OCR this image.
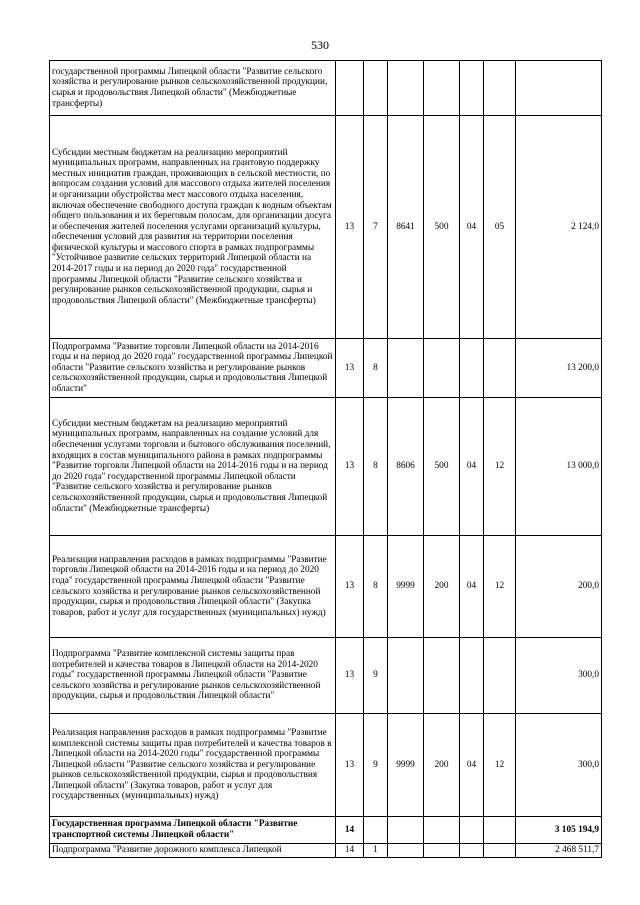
530
государственной программы Липецкой области "Развитие сельского хозяйства и регулирование рынков сельскохозяйственной продукции, сырья и продовольствия Липецкой области" (Межбюджетные трансферты)							
Субсидии местным бюджетам на реализацию мероприятий муниципальных программ, направленных на грантовую поддержку местных инициатив граждан, проживающих в сельской местности, по вопросам создания условий для массового отдыха жителей поселения и организации обустройства мест массового отдыха населения, включая обеспечение свободного доступа граждан к водным объектам общего пользования и их береговым полосам, для организации досуга и обеспечения жителей поселения услугами организаций культуры, обеспечения условий для развития на территории поселения физической культуры и массового спорта в рамках подпрограммы "Устойчивое развитие сельских территорий Липецкой области на 2014-2017 годы и на период до 2020 года" государственной программы Липецкой области "Развитие сельского хозяйства и регулирование рынков сельскохозяйственной продукции, сырья и продовольствия Липецкой области" (Межбюджетные трансферты)	13	7	8641	500	04	05	2 124,0
Подпрограмма "Развитие торговли Липецкой области на 2014-2016 годы и на период до 2020 года" государственной программы Липецкой области "Развитие сельского хозяйства и регулирование рынков сельскохозяйственной продукции, сырья и продовольствия Липецкой области"	13	8					13 200,0
Субсидии местным бюджетам на реализацию мероприятий муниципальных программ, направленных на создание условий для обеспечения услугами торговли и бытового обслуживания поселений, входящих в состав муниципального района в рамках подпрограммы "Развитие торговли Липецкой области на 2014-2016 годы и на период до 2020 года" государственной программы Липецкой области "Развитие сельского хозяйства и регулирование рынков сельскохозяйственной продукции, сырья и продовольствия Липецкой области" (Межбюджетные трансферты)	13	8	8606	500	04	12	13 000,0
Реализация направления расходов в рамках подпрограммы "Развитие торговли Липецкой области на 2014-2016 годы и на период до 2020 года" государственной программы Липецкой области "Развитие сельского хозяйства и регулирование рынков сельскохозяйственной продукции, сырья и продовольствия Липецкой области" (Закупка товаров, работ и услуг для государственных (муниципальных) нужд)	13	8	9999	200	04	12	200,0
Подпрограмма "Развитие комплексной системы защиты прав потребителей и качества товаров в Липецкой области на 2014-2020 годы" государственной программы Липецкой области "Развитие сельского хозяйства и регулирование рынков сельскохозяйственной продукции, сырья и продовольствия Липецкой области"	13	9					300,0
Реализация направления расходов в рамках подпрограммы "Развитие комплексной системы защиты прав потребителей и качества товаров в Липецкой области на 2014-2020 годы" государственной программы Липецкой области "Развитие сельского хозяйства и регулирование рынков сельскохозяйственной продукции, сырья и продовольствия Липецкой области" (Закупка товаров, работ и услуг для государственных (муниципальных) нужд)	13	9	9999	200	04	12	300,0
Государственная программа Липецкой области "Развитие транспортной системы Липецкой области"	14						3 105 194,9
Подпрограмма "Развитие дорожного комплекса Липецкой	14	1					2 468 511,7
